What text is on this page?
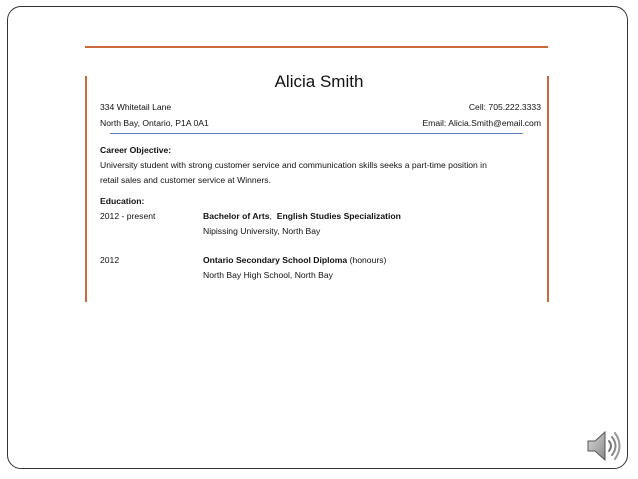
Alicia Smith
334 Whitetail Lane
North Bay, Ontario, P1A 0A1
Cell: 705.222.3333
Email: Alicia.Smith@email.com
Career Objective:
University student with strong customer service and communication skills seeks a part-time position in
retail sales and customer service at Winners.
Education:
2012 - present	Bachelor of Arts, English Studies Specialization
Nipissing University, North Bay
2012	Ontario Secondary School Diploma (honours)
North Bay High School, North Bay
